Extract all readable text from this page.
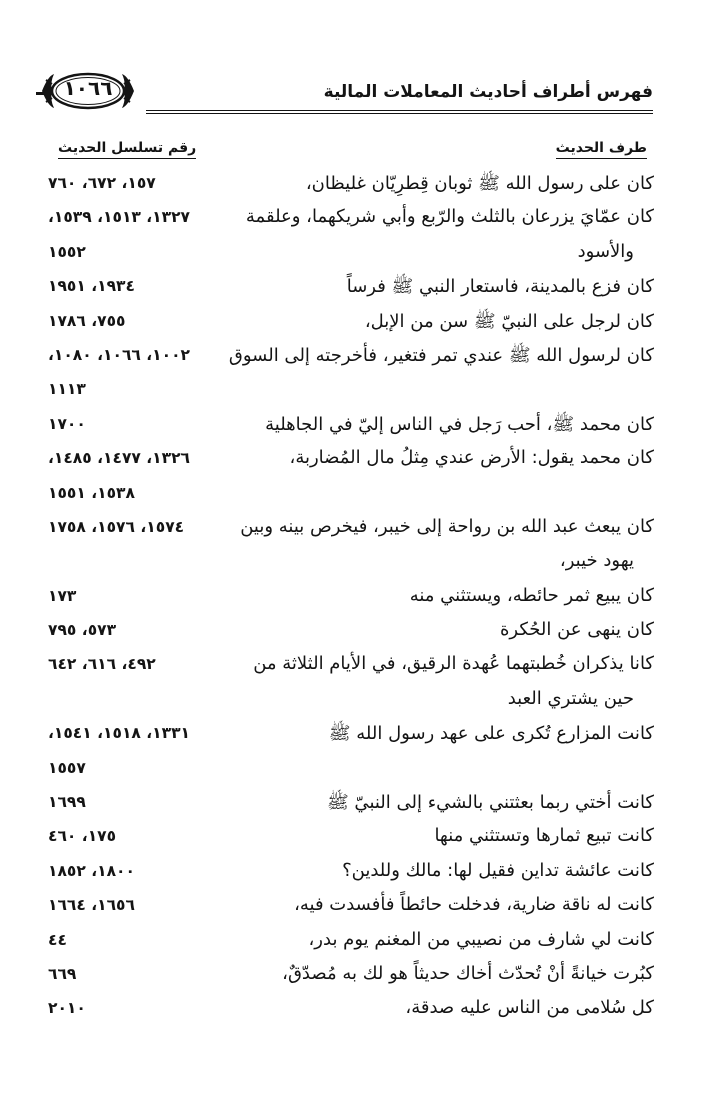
١٠٦٦	فهرس أطراف أحاديث المعاملات المالية
طرف الحديث
رقم تسلسل الحديث
كان على رسول الله ﷺ ثوبان قِطرِيّان غليظان،
١٥٧، ٦٧٢، ٧٦٠
كان عمّايَ يزرعان بالثلث والرّبع وأبي شريكهما، وعلقمة
١٣٢٧، ١٥١٣، ١٥٣٩،
والأسود
١٥٥٢
كان فزع بالمدينة، فاستعار النبي ﷺ فرساً
١٩٣٤، ١٩٥١
كان لرجل على النبيّ ﷺ سن من الإبل،
٧٥٥، ١٧٨٦
كان لرسول الله ﷺ عندي تمر فتغير، فأخرجته إلى السوق
١٠٠٢، ١٠٦٦، ١٠٨٠،
١١١٣
كان محمد ﷺ، أحب رَجل في الناس إليّ في الجاهلية
١٧٠٠
كان محمد يقول: الأرض عندي مِثلُ مال المُضاربة،
١٣٢٦، ١٤٧٧، ١٤٨٥،
١٥٣٨، ١٥٥١
كان يبعث عبد الله بن رواحة إلى خيبر، فيخرص بينه وبين
١٥٧٤، ١٥٧٦، ١٧٥٨
يهود خيبر،
كان يبيع ثمر حائطه، ويستثني منه
١٧٣
كان ينهى عن الحُكرة
٥٧٣، ٧٩٥
كانا يذكران خُطبتهما عُهدة الرقيق، في الأيام الثلاثة من
٤٩٢، ٦١٦، ٦٤٢
حين يشتري العبد
كانت المزارع تُكرى على عهد رسول الله ﷺ
١٣٣١، ١٥١٨، ١٥٤١،
١٥٥٧
كانت أختي ربما بعثتني بالشيء إلى النبيّ ﷺ
١٦٩٩
كانت تبيع ثمارها وتستثني منها
١٧٥، ٤٦٠
كانت عائشة تداين فقيل لها: مالك وللدين؟
١٨٠٠، ١٨٥٢
كانت له ناقة ضارية، فدخلت حائطاً فأفسدت فيه،
١٦٥٦، ١٦٦٤
كانت لي شارف من نصيبي من المغنم يوم بدر،
٤٤
كبُرت خيانةً أنْ تُحدّث أخاك حديثاً هو لك به مُصدّقٌ،
٦٦٩
كل سُلامى من الناس عليه صدقة،
٢٠١٠
